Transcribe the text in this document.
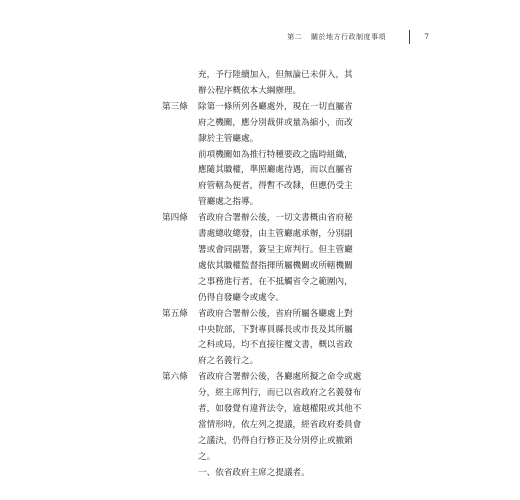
第二 關於地方行政制度事項	7
充，予行陸續加入，但無論已未併入，其
辦公程序概依本大綱辦理。
第三條 除第一條所列各廳處外，現在一切直屬省
府之機關，應分別裁併或量為縮小，而改
隸於主管廳處。
前項機關如為推行特種要政之臨時組織，
應隨其職權，準照廳處待遇，而以直屬省
府管轄為便者，得暫不改隸，但應仍受主
管廳處之指導。
第四條 省政府合署辦公後，一切文書概由省府秘
書處總收總發，由主管廳處承辦，分別副
署或會同副署，簽呈主席判行。但主管廳
處依其職權監督指揮所屬機關或所轄機關
之事務進行者，在不抵觸省令之範圍內，
仍得自發廳令或處令。
第五條 省政府合署辦公後，省府所屬各廳處上對
中央院部，下對專員縣長或市長及其所屬
之科或局，均不直接往覆文書，概以省政
府之名義行之。
第六條 省政府合署辦公後，各廳處所擬之命令或處
分，經主席判行，而已以省政府之名義發布
者，如發覺有違背法令，逾越權限或其他不
當情形時，依左列之提議，經省政府委員會
之議決，仍得自行修正及分別停止或撤銷
之。
一、依省政府主席之提議者。
